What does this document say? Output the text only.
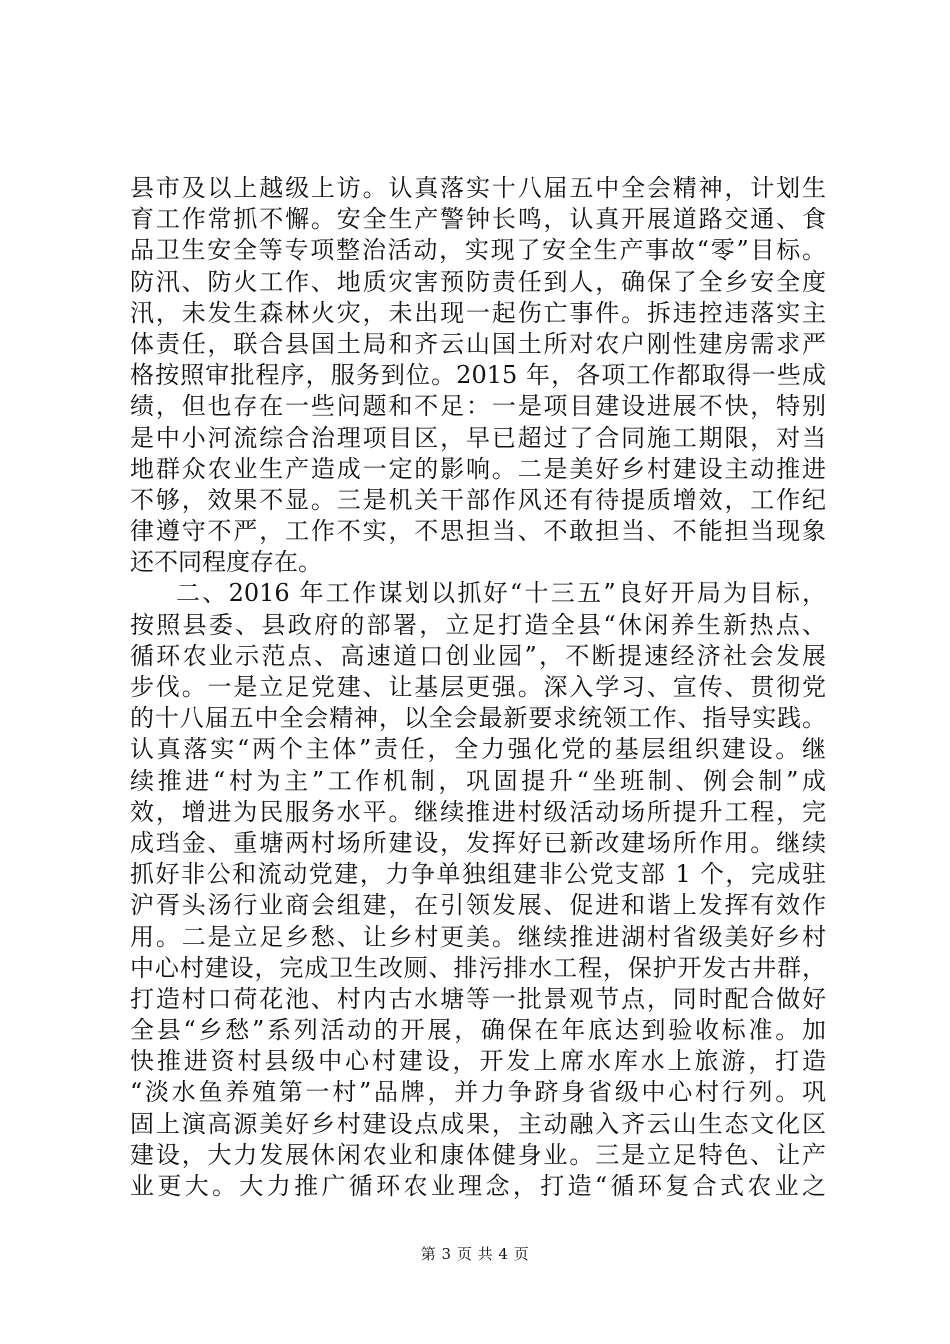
县市及以上越级上访。认真落实十八届五中全会精神，计划生
育工作常抓不懈。安全生产警钟长鸣，认真开展道路交通、食
品卫生安全等专项整治活动，实现了安全生产事故“零”目标。
防汛、防火工作、地质灾害预防责任到人，确保了全乡安全度
汛，未发生森林火灾，未出现一起伤亡事件。拆违控违落实主
体责任，联合县国土局和齐云山国土所对农户刚性建房需求严
格按照审批程序，服务到位。2015 年，各项工作都取得一些成
绩，但也存在一些问题和不足：一是项目建设进展不快，特别
是中小河流综合治理项目区，早已超过了合同施工期限，对当
地群众农业生产造成一定的影响。二是美好乡村建设主动推进
不够，效果不显。三是机关干部作风还有待提质增效，工作纪
律遵守不严，工作不实，不思担当、不敢担当、不能担当现象
还不同程度存在。
二、2016 年工作谋划以抓好“十三五”良好开局为目标，
按照县委、县政府的部署，立足打造全县“休闲养生新热点、
循环农业示范点、高速道口创业园”，不断提速经济社会发展
步伐。一是立足党建、让基层更强。深入学习、宣传、贯彻党
的十八届五中全会精神，以全会最新要求统领工作、指导实践。
认真落实“两个主体”责任，全力强化党的基层组织建设。继
续推进“村为主”工作机制，巩固提升“坐班制、例会制”成
效，增进为民服务水平。继续推进村级活动场所提升工程，完
成珰金、重塘两村场所建设，发挥好已新改建场所作用。继续
抓好非公和流动党建，力争单独组建非公党支部 1 个，完成驻
沪胥头汤行业商会组建，在引领发展、促进和谐上发挥有效作
用。二是立足乡愁、让乡村更美。继续推进湖村省级美好乡村
中心村建设，完成卫生改厕、排污排水工程，保护开发古井群，
打造村口荷花池、村内古水塘等一批景观节点，同时配合做好
全县“乡愁”系列活动的开展，确保在年底达到验收标准。加
快推进资村县级中心村建设，开发上席水库水上旅游，打造
“淡水鱼养殖第一村”品牌，并力争跻身省级中心村行列。巩
固上演高源美好乡村建设点成果，主动融入齐云山生态文化区
建设，大力发展休闲农业和康体健身业。三是立足特色、让产
业更大。大力推广循环农业理念，打造“循环复合式农业之
第 3 页 共 4 页
